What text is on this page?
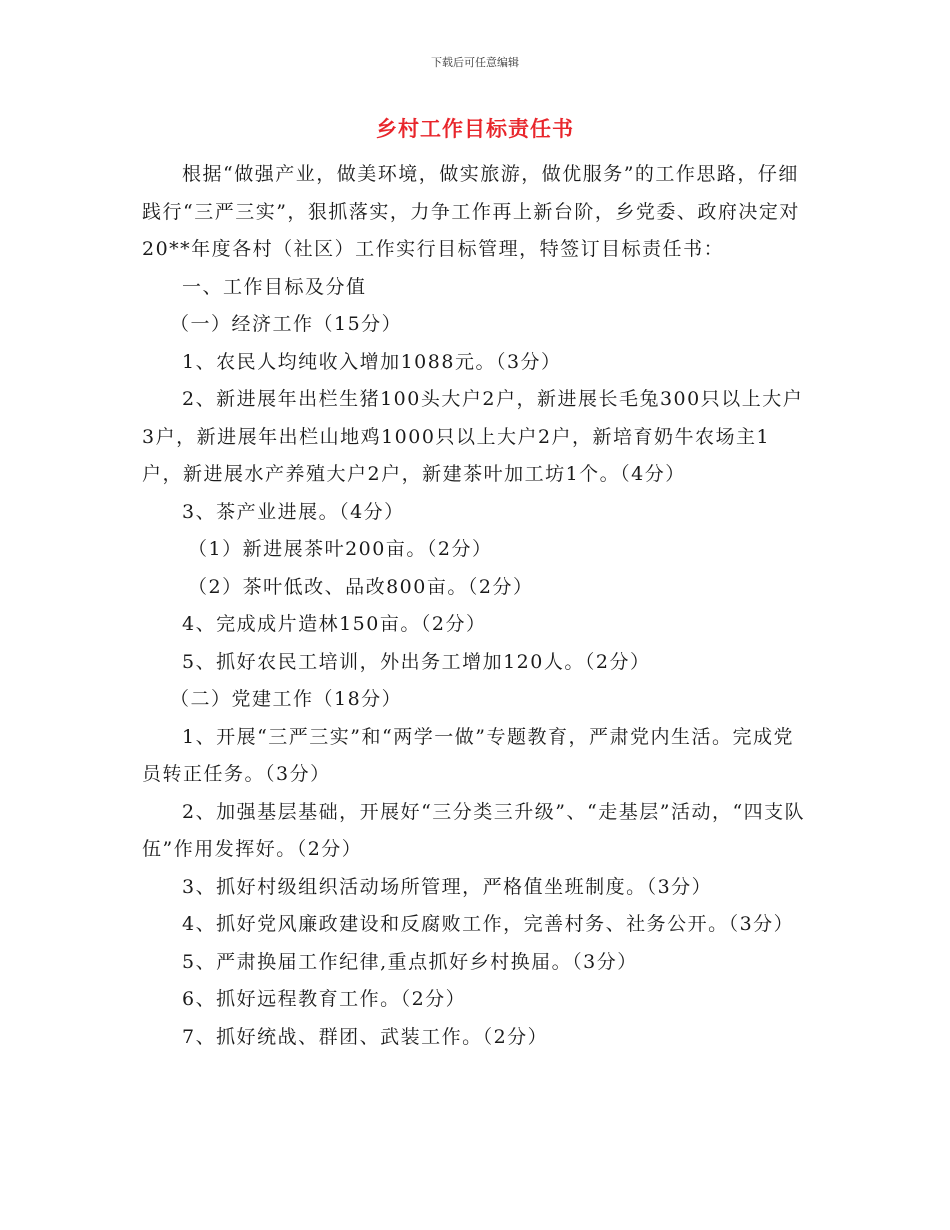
下载后可任意编辑
乡村工作目标责任书

根据“做强产业，做美环境，做实旅游，做优服务”的工作思路，仔细践行“三严三实”，狠抓落实，力争工作再上新台阶，乡党委、政府决定对20**年度各村（社区）工作实行目标管理，特签订目标责任书：

一、工作目标及分值

（一）经济工作（15分）

1、农民人均纯收入增加1088元。（3分）

2、新进展年出栏生猪100头大户2户，新进展长毛兔300只以上大户3户，新进展年出栏山地鸡1000只以上大户2户，新培育奶牛农场主1户，新进展水产养殖大户2户，新建茶叶加工坊1个。（4分）

3、茶产业进展。（4分）

（1）新进展茶叶200亩。（2分）

（2）茶叶低改、品改800亩。（2分）

4、完成成片造林150亩。（2分）

5、抓好农民工培训，外出务工增加120人。（2分）

（二）党建工作（18分）

1、开展“三严三实”和“两学一做”专题教育，严肃党内生活。完成党员转正任务。（3分）

2、加强基层基础，开展好“三分类三升级”、“走基层”活动，“四支队伍”作用发挥好。（2分）

3、抓好村级组织活动场所管理，严格值坐班制度。（3分）

4、抓好党风廉政建设和反腐败工作，完善村务、社务公开。（3分）

5、严肃换届工作纪律,重点抓好乡村换届。（3分）

6、抓好远程教育工作。（2分）

7、抓好统战、群团、武装工作。（2分）
